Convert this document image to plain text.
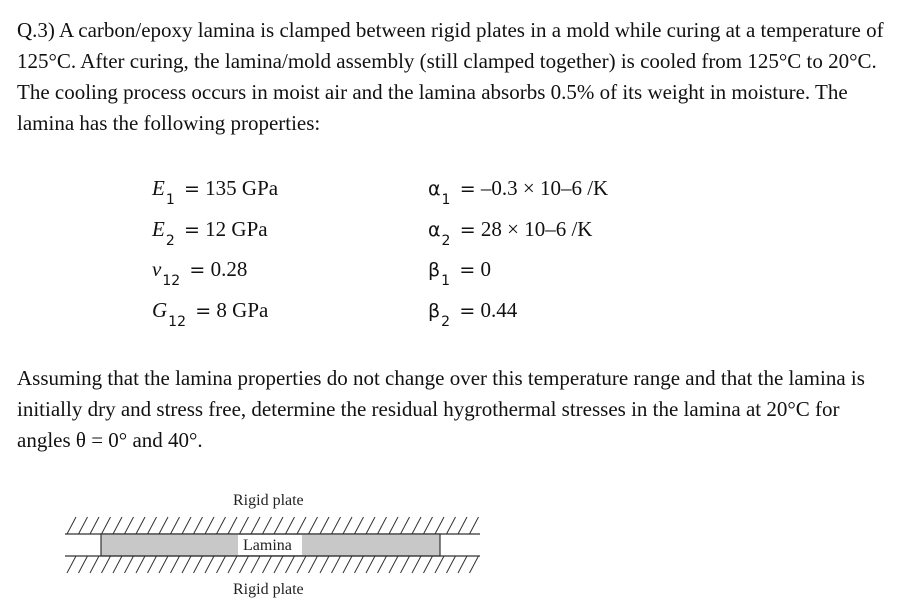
Q.3) A carbon/epoxy lamina is clamped between rigid plates in a mold while curing at a temperature of 125°C. After curing, the lamina/mold assembly (still clamped together) is cooled from 125°C to 20°C. The cooling process occurs in moist air and the lamina absorbs 0.5% of its weight in moisture. The lamina has the following properties:

$E_1 = 135$ GPa
$E_2 = 12$ GPa
$\nu_{12} = 0.28$
$G_{12} = 8$ GPa
$\alpha_1 = -0.3 \times 10-6$ /K
$\alpha_2 = 28 \times 10-6$ /K
$\beta_1 = 0$
$\beta_2 = 0.44$

Assuming that the lamina properties do not change over this temperature range and that the lamina is initially dry and stress free, determine the residual hygrothermal stresses in the lamina at 20°C for angles θ = 0° and 40°.

Rigid plate
Lamina
Rigid plate
